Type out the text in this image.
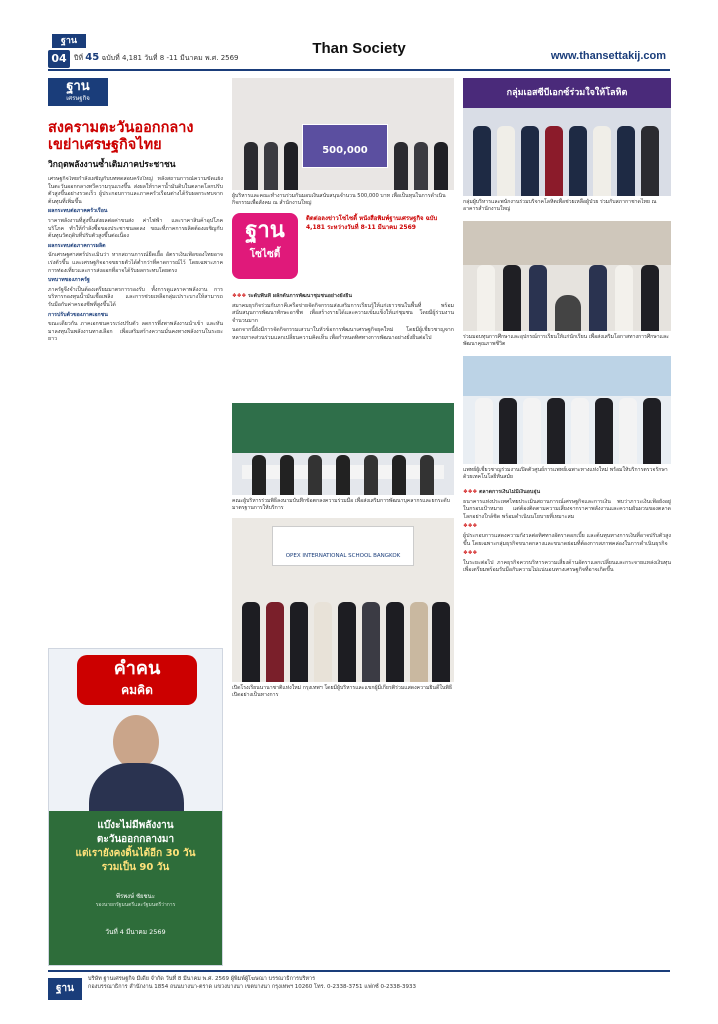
04	ปีที่ 45 ฉบับที่ 4,181 วันที่ 8 -11 มีนาคม พ.ศ. 2569
ฐาน	Than Society	www.thansettakij.com
ฐาน
เศรษฐกิจ
สงครามตะวันออกกลาง
เขย่าเศรษฐกิจไทย
วิกฤตพลังงานซ้ำเติมภาคประชาชน

เศรษฐกิจไทยกำลังเผชิญกับบททดสอบครั้งใหญ่ หลังสถานการณ์ความขัดแย้งในตะวันออกกลางทวีความรุนแรงขึ้น ส่งผลให้ราคาน้ำมันดิบในตลาดโลกปรับตัวสูงขึ้นอย่างรวดเร็ว ผู้ประกอบการและภาคครัวเรือนต่างได้รับผลกระทบจากต้นทุนที่เพิ่มขึ้น

ผลกระทบต่อภาคครัวเรือน

ราคาพลังงานที่สูงขึ้นส่งผลต่อค่าขนส่ง ค่าไฟฟ้า และราคาสินค้าอุปโภคบริโภค ทำให้กำลังซื้อของประชาชนลดลง ขณะที่ภาคการผลิตต้องเผชิญกับต้นทุนวัตถุดิบที่ปรับตัวสูงขึ้นต่อเนื่อง

ผลกระทบต่อภาคการผลิต

นักเศรษฐศาสตร์ประเมินว่า หากสถานการณ์ยืดเยื้อ อัตราเงินเฟ้อของไทยอาจเร่งตัวขึ้น และเศรษฐกิจอาจขยายตัวได้ต่ำกว่าที่คาดการณ์ไว้ โดยเฉพาะภาคการท่องเที่ยวและการส่งออกที่อาจได้รับผลกระทบโดยตรง

บทบาทของภาครัฐ

ภาครัฐจึงจำเป็นต้องเตรียมมาตรการรองรับ ทั้งการดูแลราคาพลังงาน การบริหารกองทุนน้ำมันเชื้อเพลิง และการช่วยเหลือกลุ่มเปราะบางให้สามารถรับมือกับค่าครองชีพที่สูงขึ้นได้

การปรับตัวของภาคเอกชน

ขณะเดียวกัน ภาคเอกชนควรเร่งปรับตัว ลดการพึ่งพาพลังงานนำเข้า และหันมาลงทุนในพลังงานทางเลือก เพื่อเสริมสร้างความมั่นคงทางพลังงานในระยะยาว

คำคน
คมคิด
แบ๊งะไม่มีพลังงาน
ตะวันออกกลางมา
แต่เรายังคงดิ้นได้อีก 30 วัน
รวมเป็น 90 วัน
พีรพงษ์ ชัยชนะ
รองนายกรัฐมนตรีและรัฐมนตรีว่าการ
วันที่ 4 มีนาคม 2569
500,000
ผู้บริหารและคณะทำงานร่วมกันมอบเงินสนับสนุนจำนวน 500,000 บาท เพื่อเป็นทุนในการดำเนินกิจกรรมเพื่อสังคม ณ สำนักงานใหญ่
ฐาน
โซไซตี้
ติดต่อลงข่าวโซไซตี้ หนังสือพิมพ์ฐานเศรษฐกิจ ฉบับ 4,181 ระหว่างวันที่ 8-11 มีนาคม 2569

❖❖❖ ระดับพื้นที่ ผลักดันการพัฒนาชุมชนอย่างยั่งยืน

สมาคมธุรกิจร่วมกับภาคีเครือข่ายจัดกิจกรรมส่งเสริมการเรียนรู้ให้แก่เยาวชนในพื้นที่ พร้อมสนับสนุนการพัฒนาทักษะอาชีพ เพื่อสร้างรายได้และความเข้มแข็งให้แก่ชุมชน โดยมีผู้ร่วมงานจำนวนมาก

นอกจากนี้ยังมีการจัดกิจกรรมเสวนาในหัวข้อการพัฒนาเศรษฐกิจยุคใหม่ โดยมีผู้เชี่ยวชาญจากหลายภาคส่วนร่วมแลกเปลี่ยนความคิดเห็น เพื่อกำหนดทิศทางการพัฒนาอย่างยั่งยืนต่อไป

คณะผู้บริหารร่วมพิธีลงนามบันทึกข้อตกลงความร่วมมือ เพื่อส่งเสริมการพัฒนาบุคลากรและยกระดับมาตรฐานการให้บริการ
OPEX INTERNATIONAL SCHOOL BANGKOK
เปิดโรงเรียนนานาชาติแห่งใหม่ กรุงเทพฯ โดยมีผู้บริหารและแขกผู้มีเกียรติร่วมแสดงความยินดีในพิธีเปิดอย่างเป็นทางการ
กลุ่มเอสซีบีเอกซ์ร่วมใจให้โลหิต
กลุ่มผู้บริหารและพนักงานร่วมบริจาคโลหิตเพื่อช่วยเหลือผู้ป่วย ร่วมกับสภากาชาดไทย ณ อาคารสำนักงานใหญ่
ร่วมมอบทุนการศึกษาและอุปกรณ์การเรียนให้แก่นักเรียน เพื่อส่งเสริมโอกาสทางการศึกษาและพัฒนาคุณภาพชีวิต
แพทย์ผู้เชี่ยวชาญร่วมงานเปิดตัวศูนย์การแพทย์เฉพาะทางแห่งใหม่ พร้อมให้บริการตรวจรักษาด้วยเทคโนโลยีทันสมัย

❖❖❖ ตลาดการเงินไม่มีเงินอบอุ่น

ธนาคารแห่งประเทศไทยประเมินสถานการณ์เศรษฐกิจและการเงิน พบว่าภาวะเงินเฟ้อยังอยู่ในกรอบเป้าหมาย แต่ต้องติดตามความเสี่ยงจากราคาพลังงานและความผันผวนของตลาดโลกอย่างใกล้ชิด พร้อมดำเนินนโยบายที่เหมาะสม

❖❖❖

ผู้ประกอบการแสดงความกังวลต่อทิศทางอัตราดอกเบี้ย และต้นทุนทางการเงินที่อาจปรับตัวสูงขึ้น โดยเฉพาะกลุ่มธุรกิจขนาดกลางและขนาดย่อมที่ต้องการสภาพคล่องในการดำเนินธุรกิจ

❖❖❖

ในระยะต่อไป ภาคธุรกิจควรบริหารความเสี่ยงด้านอัตราแลกเปลี่ยนและกระจายแหล่งเงินทุน เพื่อเตรียมพร้อมรับมือกับความไม่แน่นอนทางเศรษฐกิจที่อาจเกิดขึ้น

ฐาน
บริษัท ฐานเศรษฐกิจ มีเดีย จำกัด วันที่ 8 มีนาคม พ.ศ. 2569 ผู้พิมพ์ผู้โฆษณา บรรณาธิการบริหาร
กองบรรณาธิการ สำนักงาน 1854 ถนนบางนา-ตราด แขวงบางนา เขตบางนา กรุงเทพฯ 10260 โทร. 0-2338-3751 แฟกซ์ 0-2338-3933
